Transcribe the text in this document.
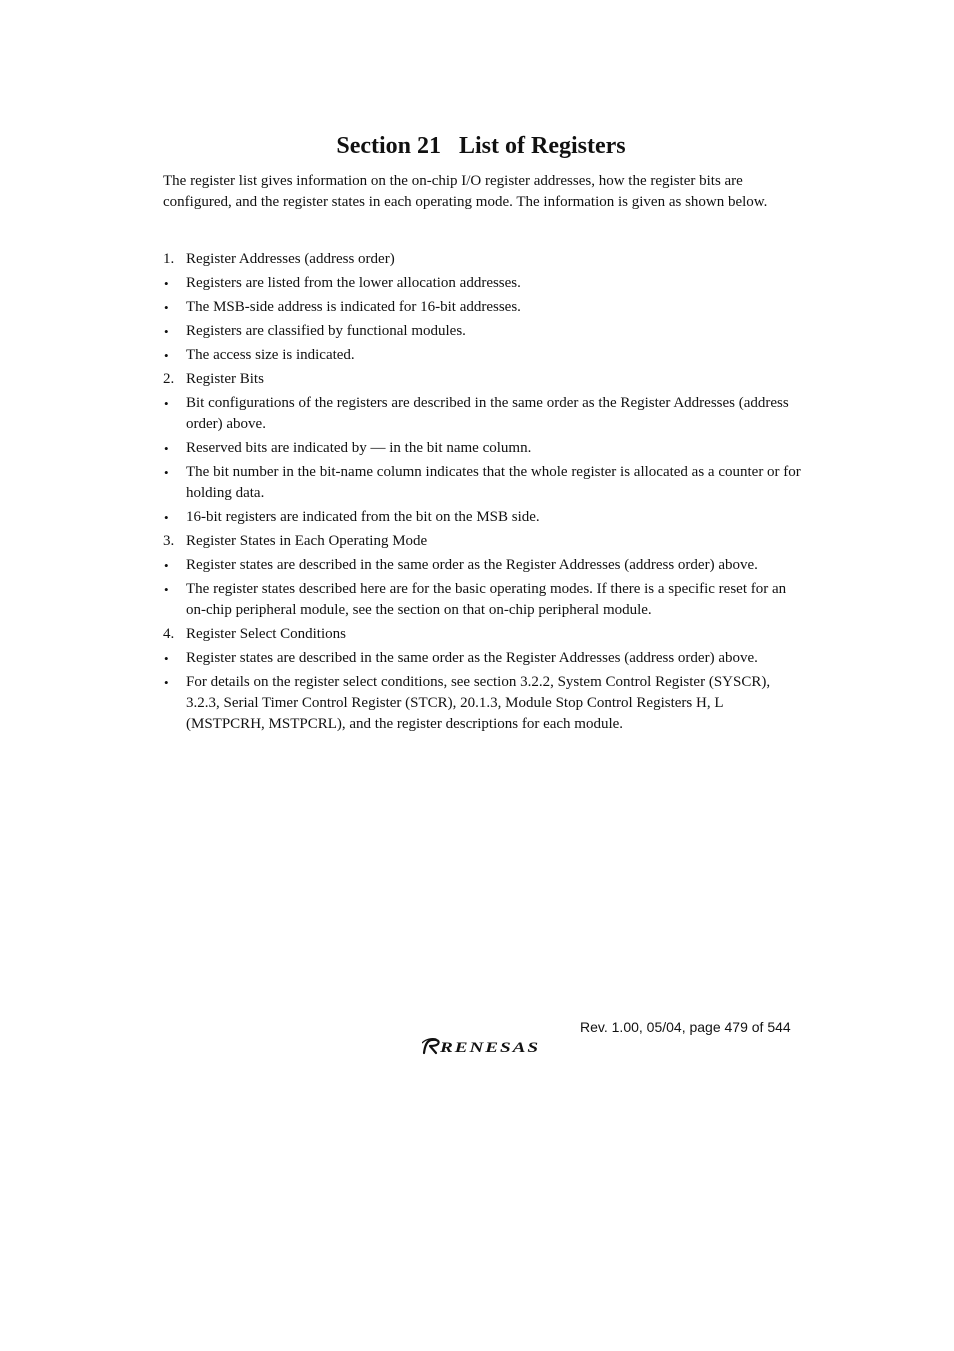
Section 21   List of Registers

The register list gives information on the on-chip I/O register addresses, how the register bits are configured, and the register states in each operating mode. The information is given as shown below.

1. Register Addresses (address order)
• Registers are listed from the lower allocation addresses.
• The MSB-side address is indicated for 16-bit addresses.
• Registers are classified by functional modules.
• The access size is indicated.
2. Register Bits
• Bit configurations of the registers are described in the same order as the Register Addresses (address order) above.
• Reserved bits are indicated by — in the bit name column.
• The bit number in the bit-name column indicates that the whole register is allocated as a counter or for holding data.
• 16-bit registers are indicated from the bit on the MSB side.
3. Register States in Each Operating Mode
• Register states are described in the same order as the Register Addresses (address order) above.
• The register states described here are for the basic operating modes. If there is a specific reset for an on-chip peripheral module, see the section on that on-chip peripheral module.
4. Register Select Conditions
• Register states are described in the same order as the Register Addresses (address order) above.
• For details on the register select conditions, see section 3.2.2, System Control Register (SYSCR), 3.2.3, Serial Timer Control Register (STCR), 20.1.3, Module Stop Control Registers H, L (MSTPCRH, MSTPCRL), and the register descriptions for each module.
Rev. 1.00, 05/04, page 479 of 544
RENESAS
